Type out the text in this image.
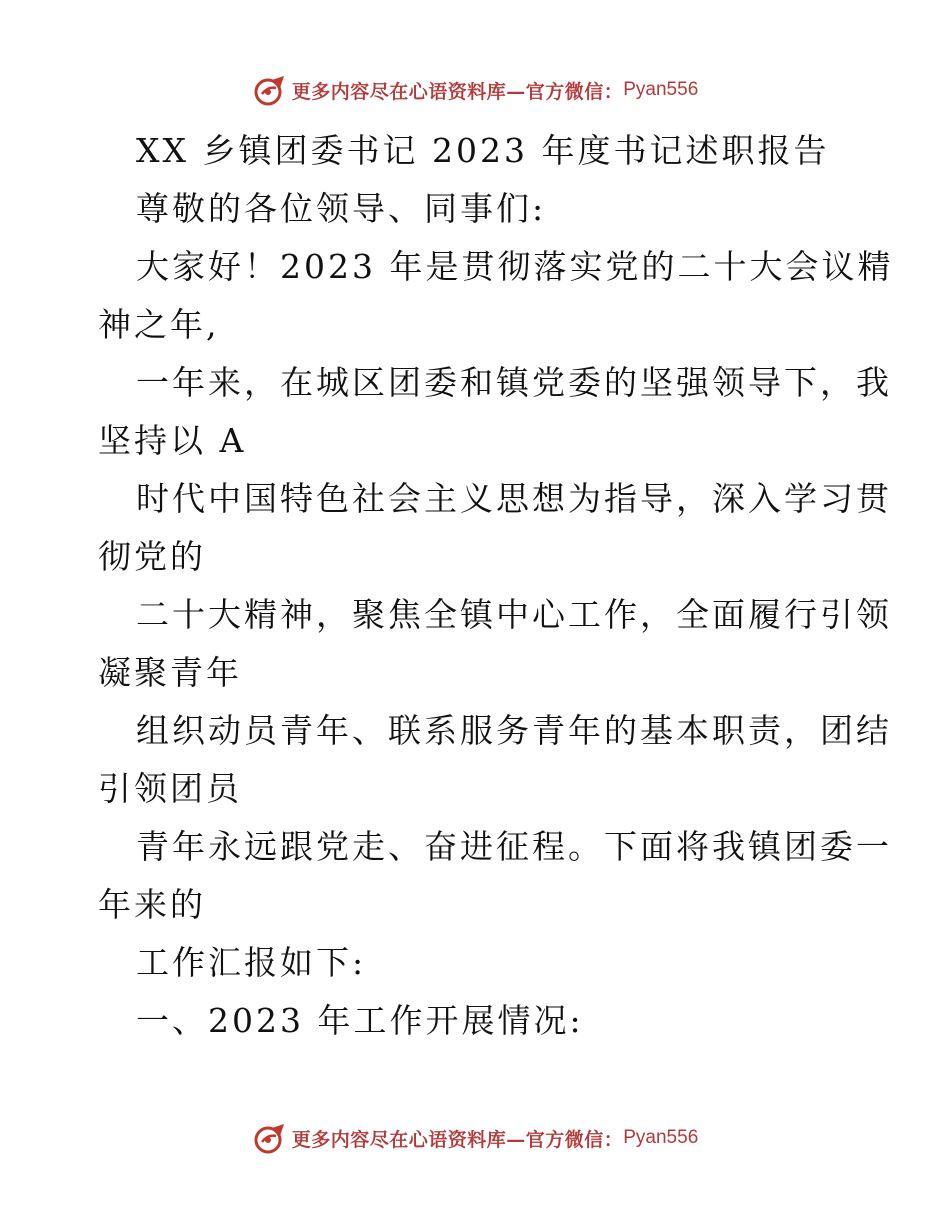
更多内容尽在心语资料库—官方微信： Pyan556
XX 乡镇团委书记 2023 年度书记述职报告
尊敬的各位领导、同事们:
大家好！2023 年是贯彻落实党的二十大会议精
神之年,
一年来，在城区团委和镇党委的坚强领导下，我
坚持以 A
时代中国特色社会主义思想为指导，深入学习贯
彻党的
二十大精神，聚焦全镇中心工作，全面履行引领
凝聚青年
组织动员青年、联系服务青年的基本职责，团结
引领团员
青年永远跟党走、奋进征程。下面将我镇团委一
年来的
工作汇报如下:
一、2023 年工作开展情况:
更多内容尽在心语资料库—官方微信： Pyan556
